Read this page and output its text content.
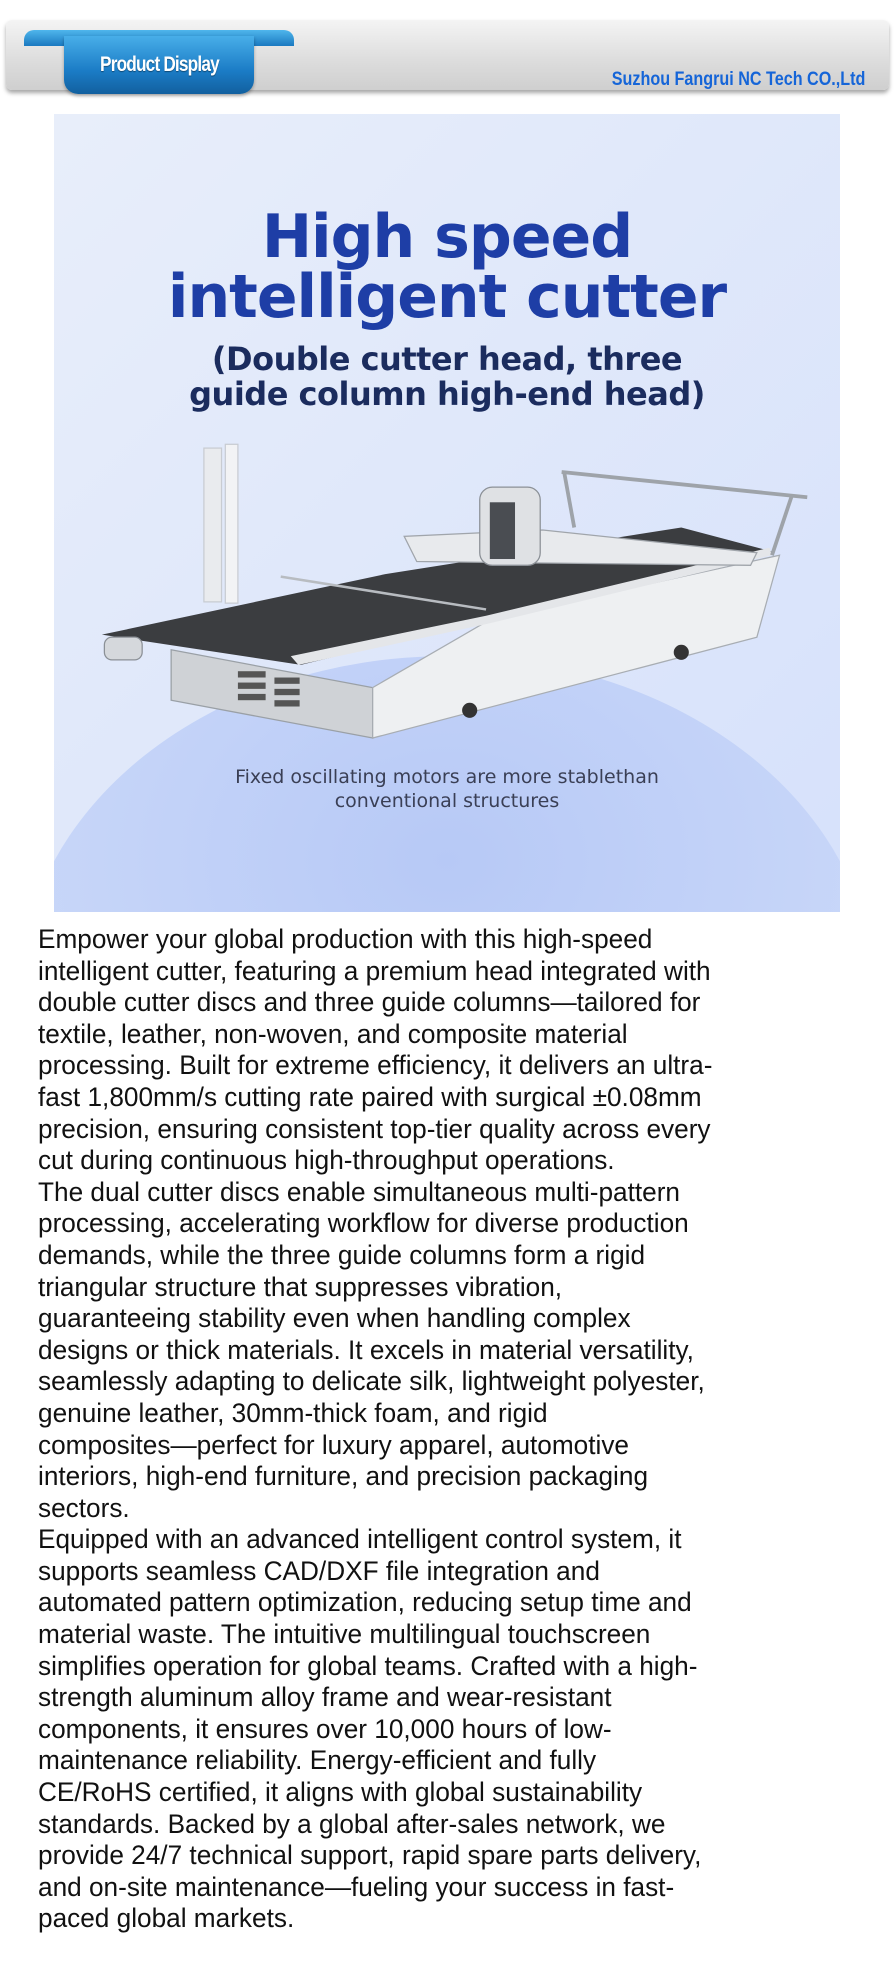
Product Display
Suzhou Fangrui NC Tech CO.,Ltd
High speed
intelligent cutter
(Double cutter head, three
guide column high-end head)
Fixed oscillating motors are more stablethan
conventional structures
Empower your global production with this high-speed
intelligent cutter, featuring a premium head integrated with
double cutter discs and three guide columns—tailored for
textile, leather, non-woven, and composite material
processing. Built for extreme efficiency, it delivers an ultra-
fast 1,800mm/s cutting rate paired with surgical ±0.08mm
precision, ensuring consistent top-tier quality across every
cut during continuous high-throughput operations.
The dual cutter discs enable simultaneous multi-pattern
processing, accelerating workflow for diverse production
demands, while the three guide columns form a rigid
triangular structure that suppresses vibration,
guaranteeing stability even when handling complex
designs or thick materials. It excels in material versatility,
seamlessly adapting to delicate silk, lightweight polyester,
genuine leather, 30mm-thick foam, and rigid
composites—perfect for luxury apparel, automotive
interiors, high-end furniture, and precision packaging
sectors.
Equipped with an advanced intelligent control system, it
supports seamless CAD/DXF file integration and
automated pattern optimization, reducing setup time and
material waste. The intuitive multilingual touchscreen
simplifies operation for global teams. Crafted with a high-
strength aluminum alloy frame and wear-resistant
components, it ensures over 10,000 hours of low-
maintenance reliability. Energy-efficient and fully
CE/RoHS certified, it aligns with global sustainability
standards. Backed by a global after-sales network, we
provide 24/7 technical support, rapid spare parts delivery,
and on-site maintenance—fueling your success in fast-
paced global markets.
